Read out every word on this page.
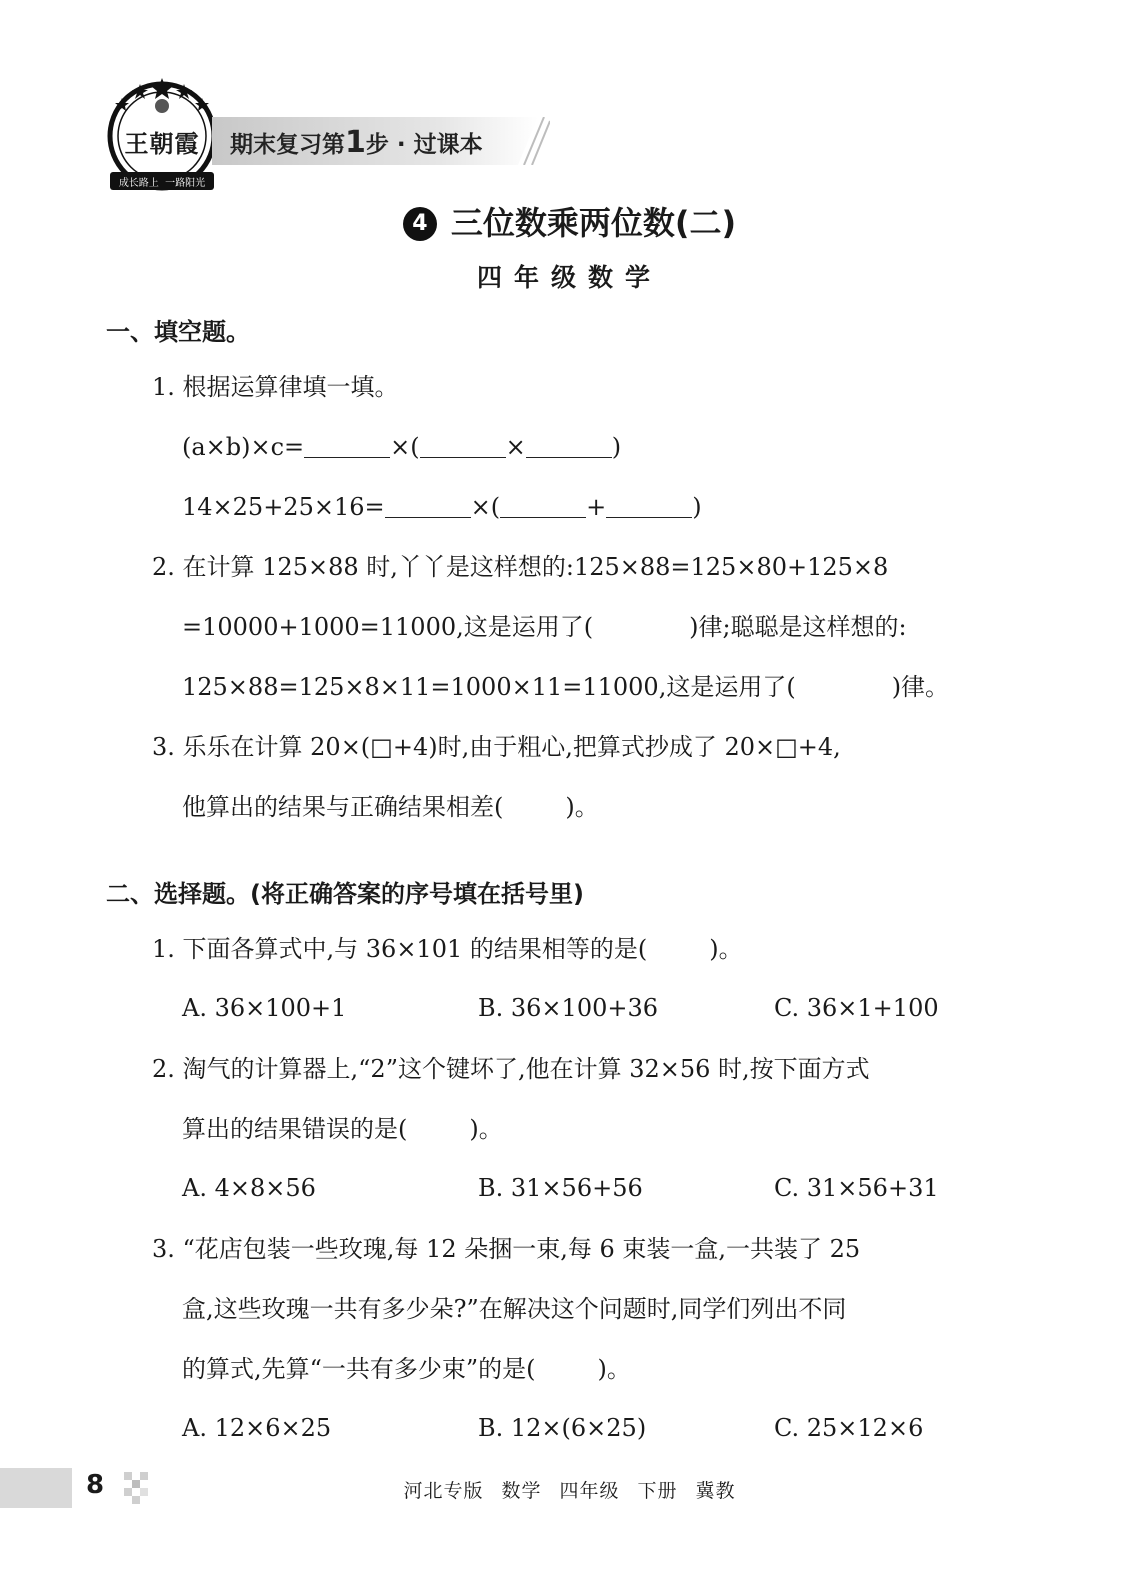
王朝霞
成长路上 一路阳光
期末复习第1步 · 过课本
4 三位数乘两位数(二)
四年级数学
一、填空题。
1. 根据运算律填一填。
(a×b)×c=	×(	×	)
14×25+25×16=	×(	+	)
2. 在计算 125×88 时,丫丫是这样想的:125×88=125×80+125×8
=10000+1000=11000,这是运用了(	)律;聪聪是这样想的:
125×88=125×8×11=1000×11=11000,这是运用了(	)律。
3. 乐乐在计算 20×(□+4)时,由于粗心,把算式抄成了 20×□+4,
他算出的结果与正确结果相差(	)。
二、选择题。(将正确答案的序号填在括号里)
1. 下面各算式中,与 36×101 的结果相等的是(	)。
A. 36×100+1	B. 36×100+36	C. 36×1+100
2. 淘气的计算器上,“2”这个键坏了,他在计算 32×56 时,按下面方式
算出的结果错误的是(	)。
A. 4×8×56	B. 31×56+56	C. 31×56+31
3. “花店包装一些玫瑰,每 12 朵捆一束,每 6 束装一盒,一共装了 25
盒,这些玫瑰一共有多少朵?”在解决这个问题时,同学们列出不同
的算式,先算“一共有多少束”的是(	)。
A. 12×6×25	B. 12×(6×25)	C. 25×12×6
8	河北专版 数学 四年级 下册 冀教
